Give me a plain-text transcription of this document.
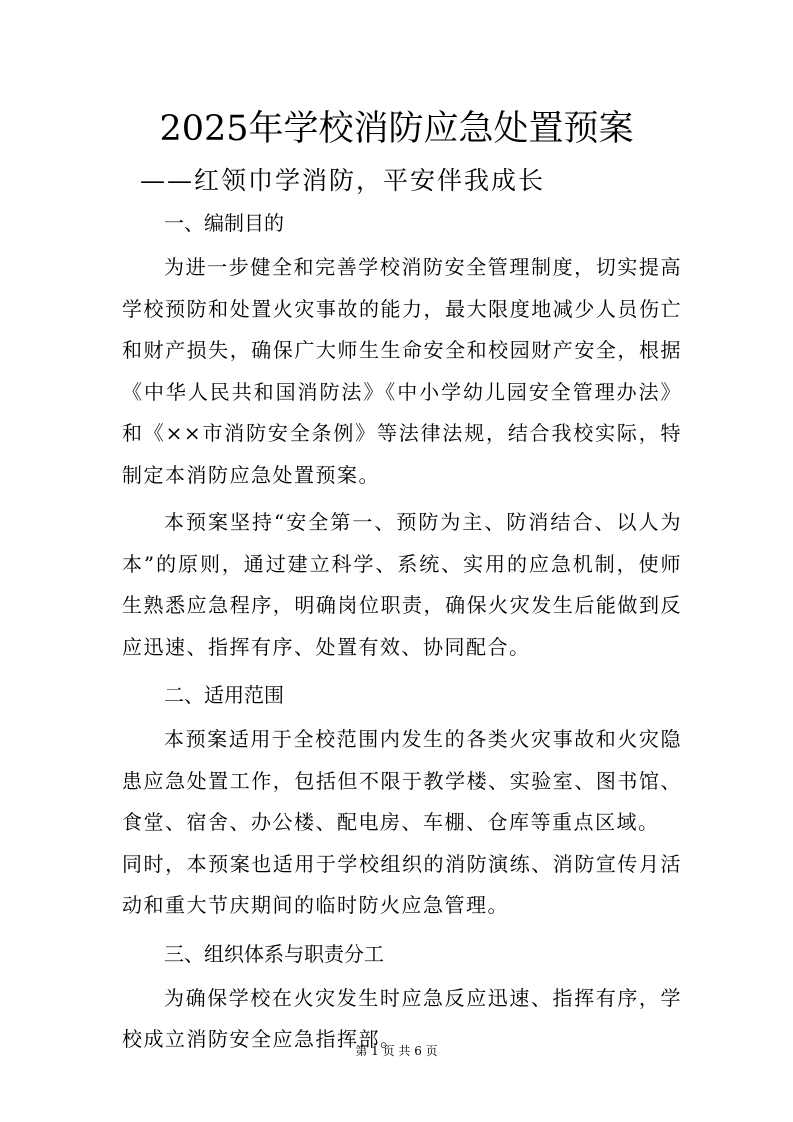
2025年学校消防应急处置预案
——红领巾学消防，平安伴我成长

一、编制目的

为进一步健全和完善学校消防安全管理制度，切实提高学校预防和处置火灾事故的能力，最大限度地减少人员伤亡和财产损失，确保广大师生生命安全和校园财产安全，根据《中华人民共和国消防法》《中小学幼儿园安全管理办法》和《××市消防安全条例》等法律法规，结合我校实际，特制定本消防应急处置预案。

本预案坚持“安全第一、预防为主、防消结合、以人为本”的原则，通过建立科学、系统、实用的应急机制，使师生熟悉应急程序，明确岗位职责，确保火灾发生后能做到反应迅速、指挥有序、处置有效、协同配合。

二、适用范围

本预案适用于全校范围内发生的各类火灾事故和火灾隐患应急处置工作，包括但不限于教学楼、实验室、图书馆、食堂、宿舍、办公楼、配电房、车棚、仓库等重点区域。

同时，本预案也适用于学校组织的消防演练、消防宣传月活动和重大节庆期间的临时防火应急管理。

三、组织体系与职责分工

为确保学校在火灾发生时应急反应迅速、指挥有序，学校成立消防安全应急指挥部。

第 1 页 共 6 页
